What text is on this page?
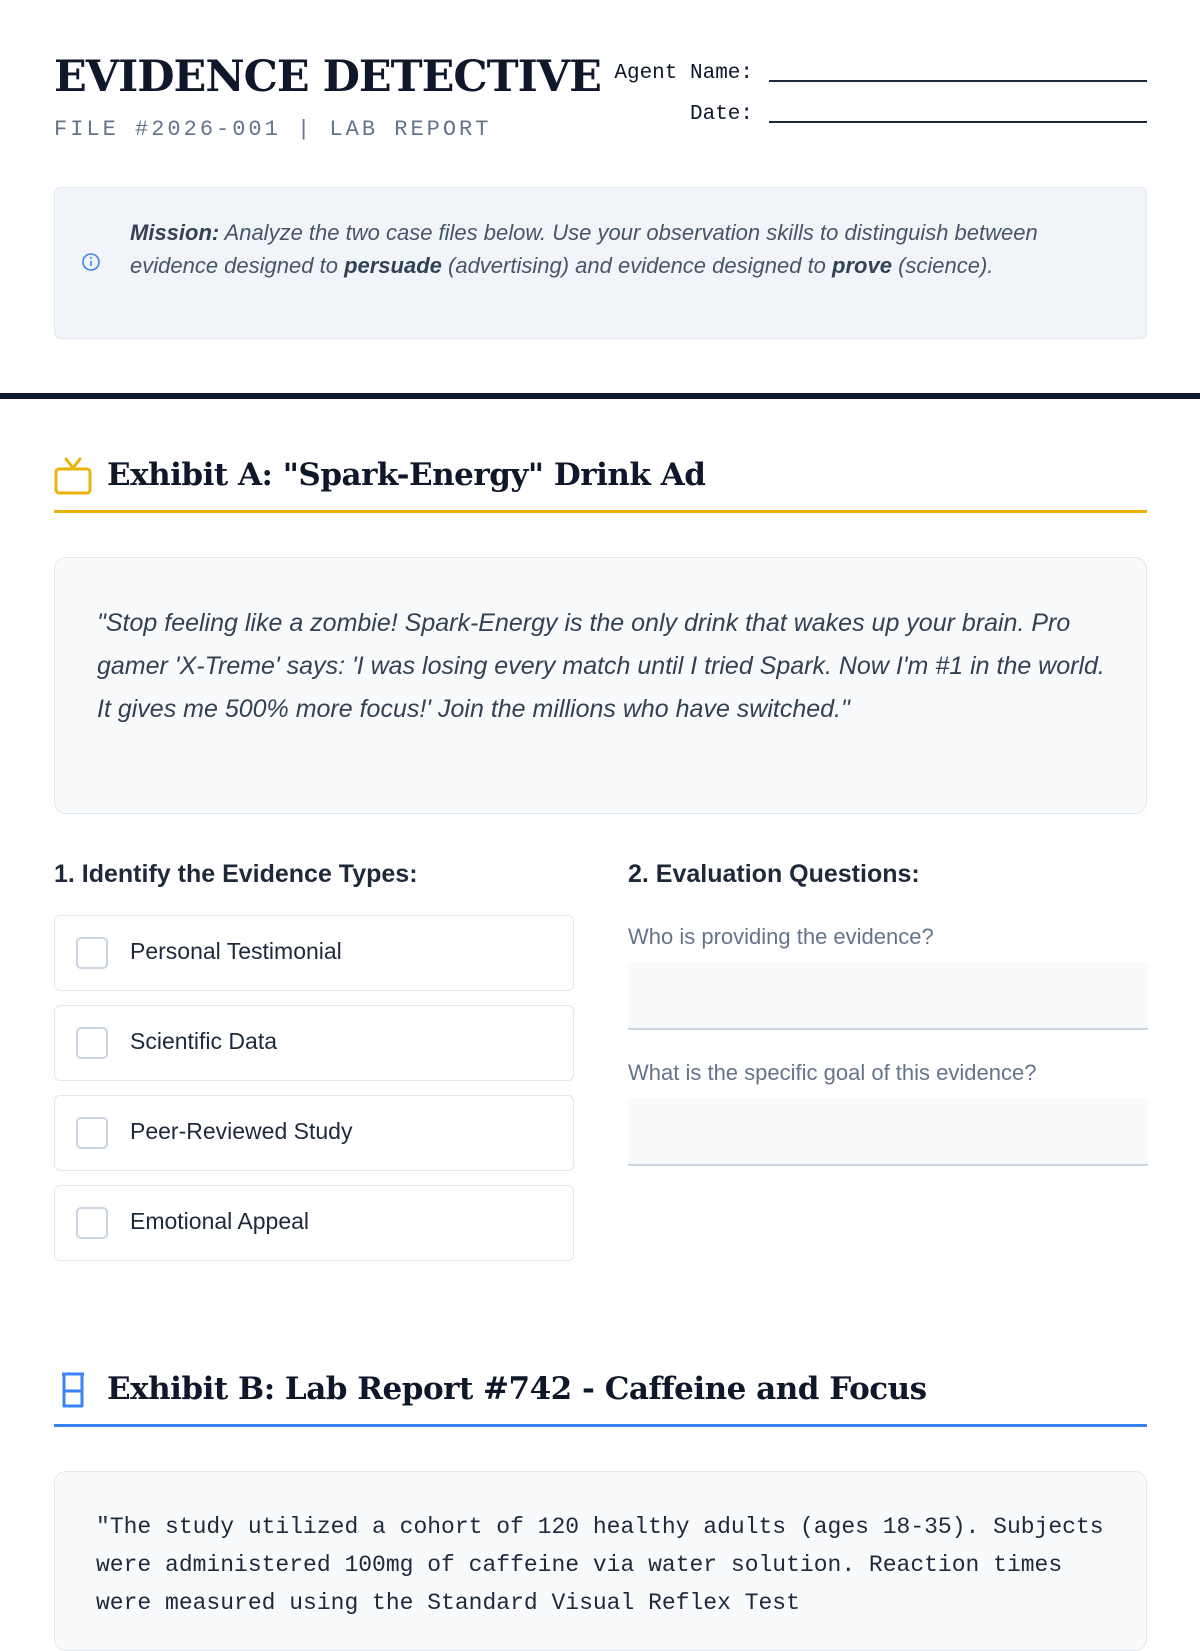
EVIDENCE DETECTIVE
FILE #2026-001 | LAB REPORT
Agent Name:
Date:
Mission: Analyze the two case files below. Use your observation skills to distinguish between evidence designed to persuade (advertising) and evidence designed to prove (science).
Exhibit A: "Spark-Energy" Drink Ad

"Stop feeling like a zombie! Spark-Energy is the only drink that wakes up your brain. Pro gamer 'X-Treme' says: 'I was losing every match until I tried Spark. Now I'm #1 in the world. It gives me 500% more focus!' Join the millions who have switched."

1. Identify the Evidence Types:	2. Evaluation Questions:
Personal Testimonial
Scientific Data
Peer-Reviewed Study
Emotional Appeal
Who is providing the evidence?
What is the specific goal of this evidence?
Exhibit B: Lab Report #742 - Caffeine and Focus

"The study utilized a cohort of 120 healthy adults (ages 18-35). Subjects were administered 100mg of caffeine via water solution. Reaction times were measured using the Standard Visual Reflex Test
